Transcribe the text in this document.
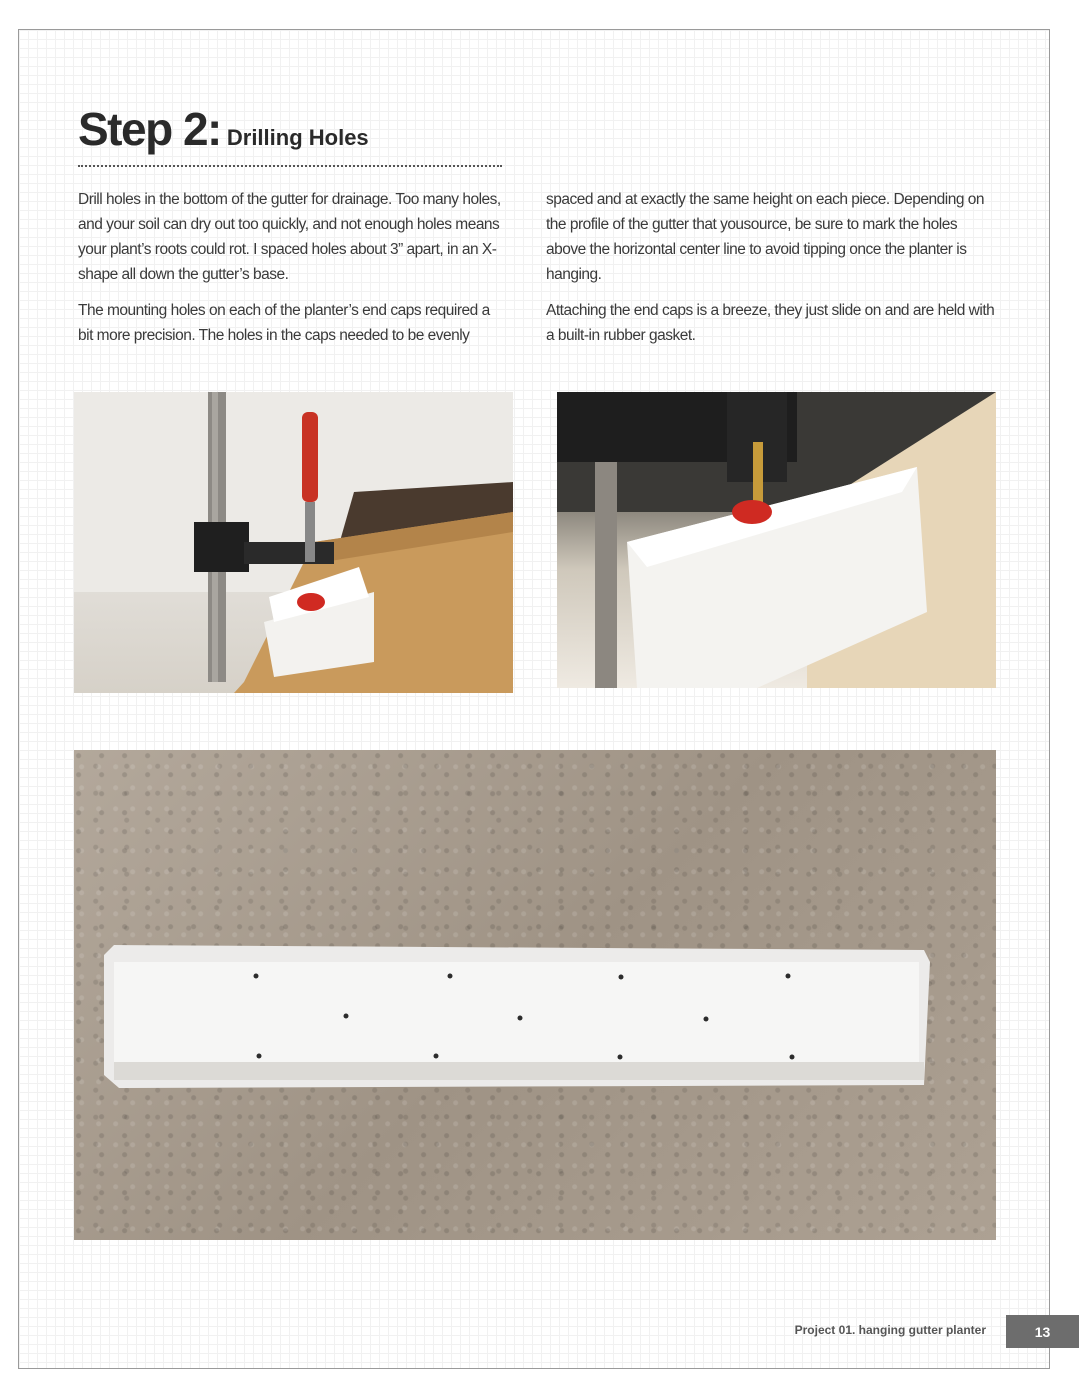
Step 2: Drilling Holes

Drill holes in the bottom of the gutter for drainage. Too many holes, and your soil can dry out too quickly, and not enough holes means your plant’s roots could rot. I spaced holes about 3” apart, in an X-shape all down the gutter’s base.

The mounting holes on each of the planter’s end caps required a bit more precision. The holes in the caps needed to be evenly

spaced and at exactly the same height on each piece. Depending on the profile of the gutter that yousource, be sure to mark the holes above the horizontal center line to avoid tipping once the planter is hanging.

Attaching the end caps is a breeze, they just slide on and are held with a built-in rubber gasket.

Project 01. hanging gutter planter	13
